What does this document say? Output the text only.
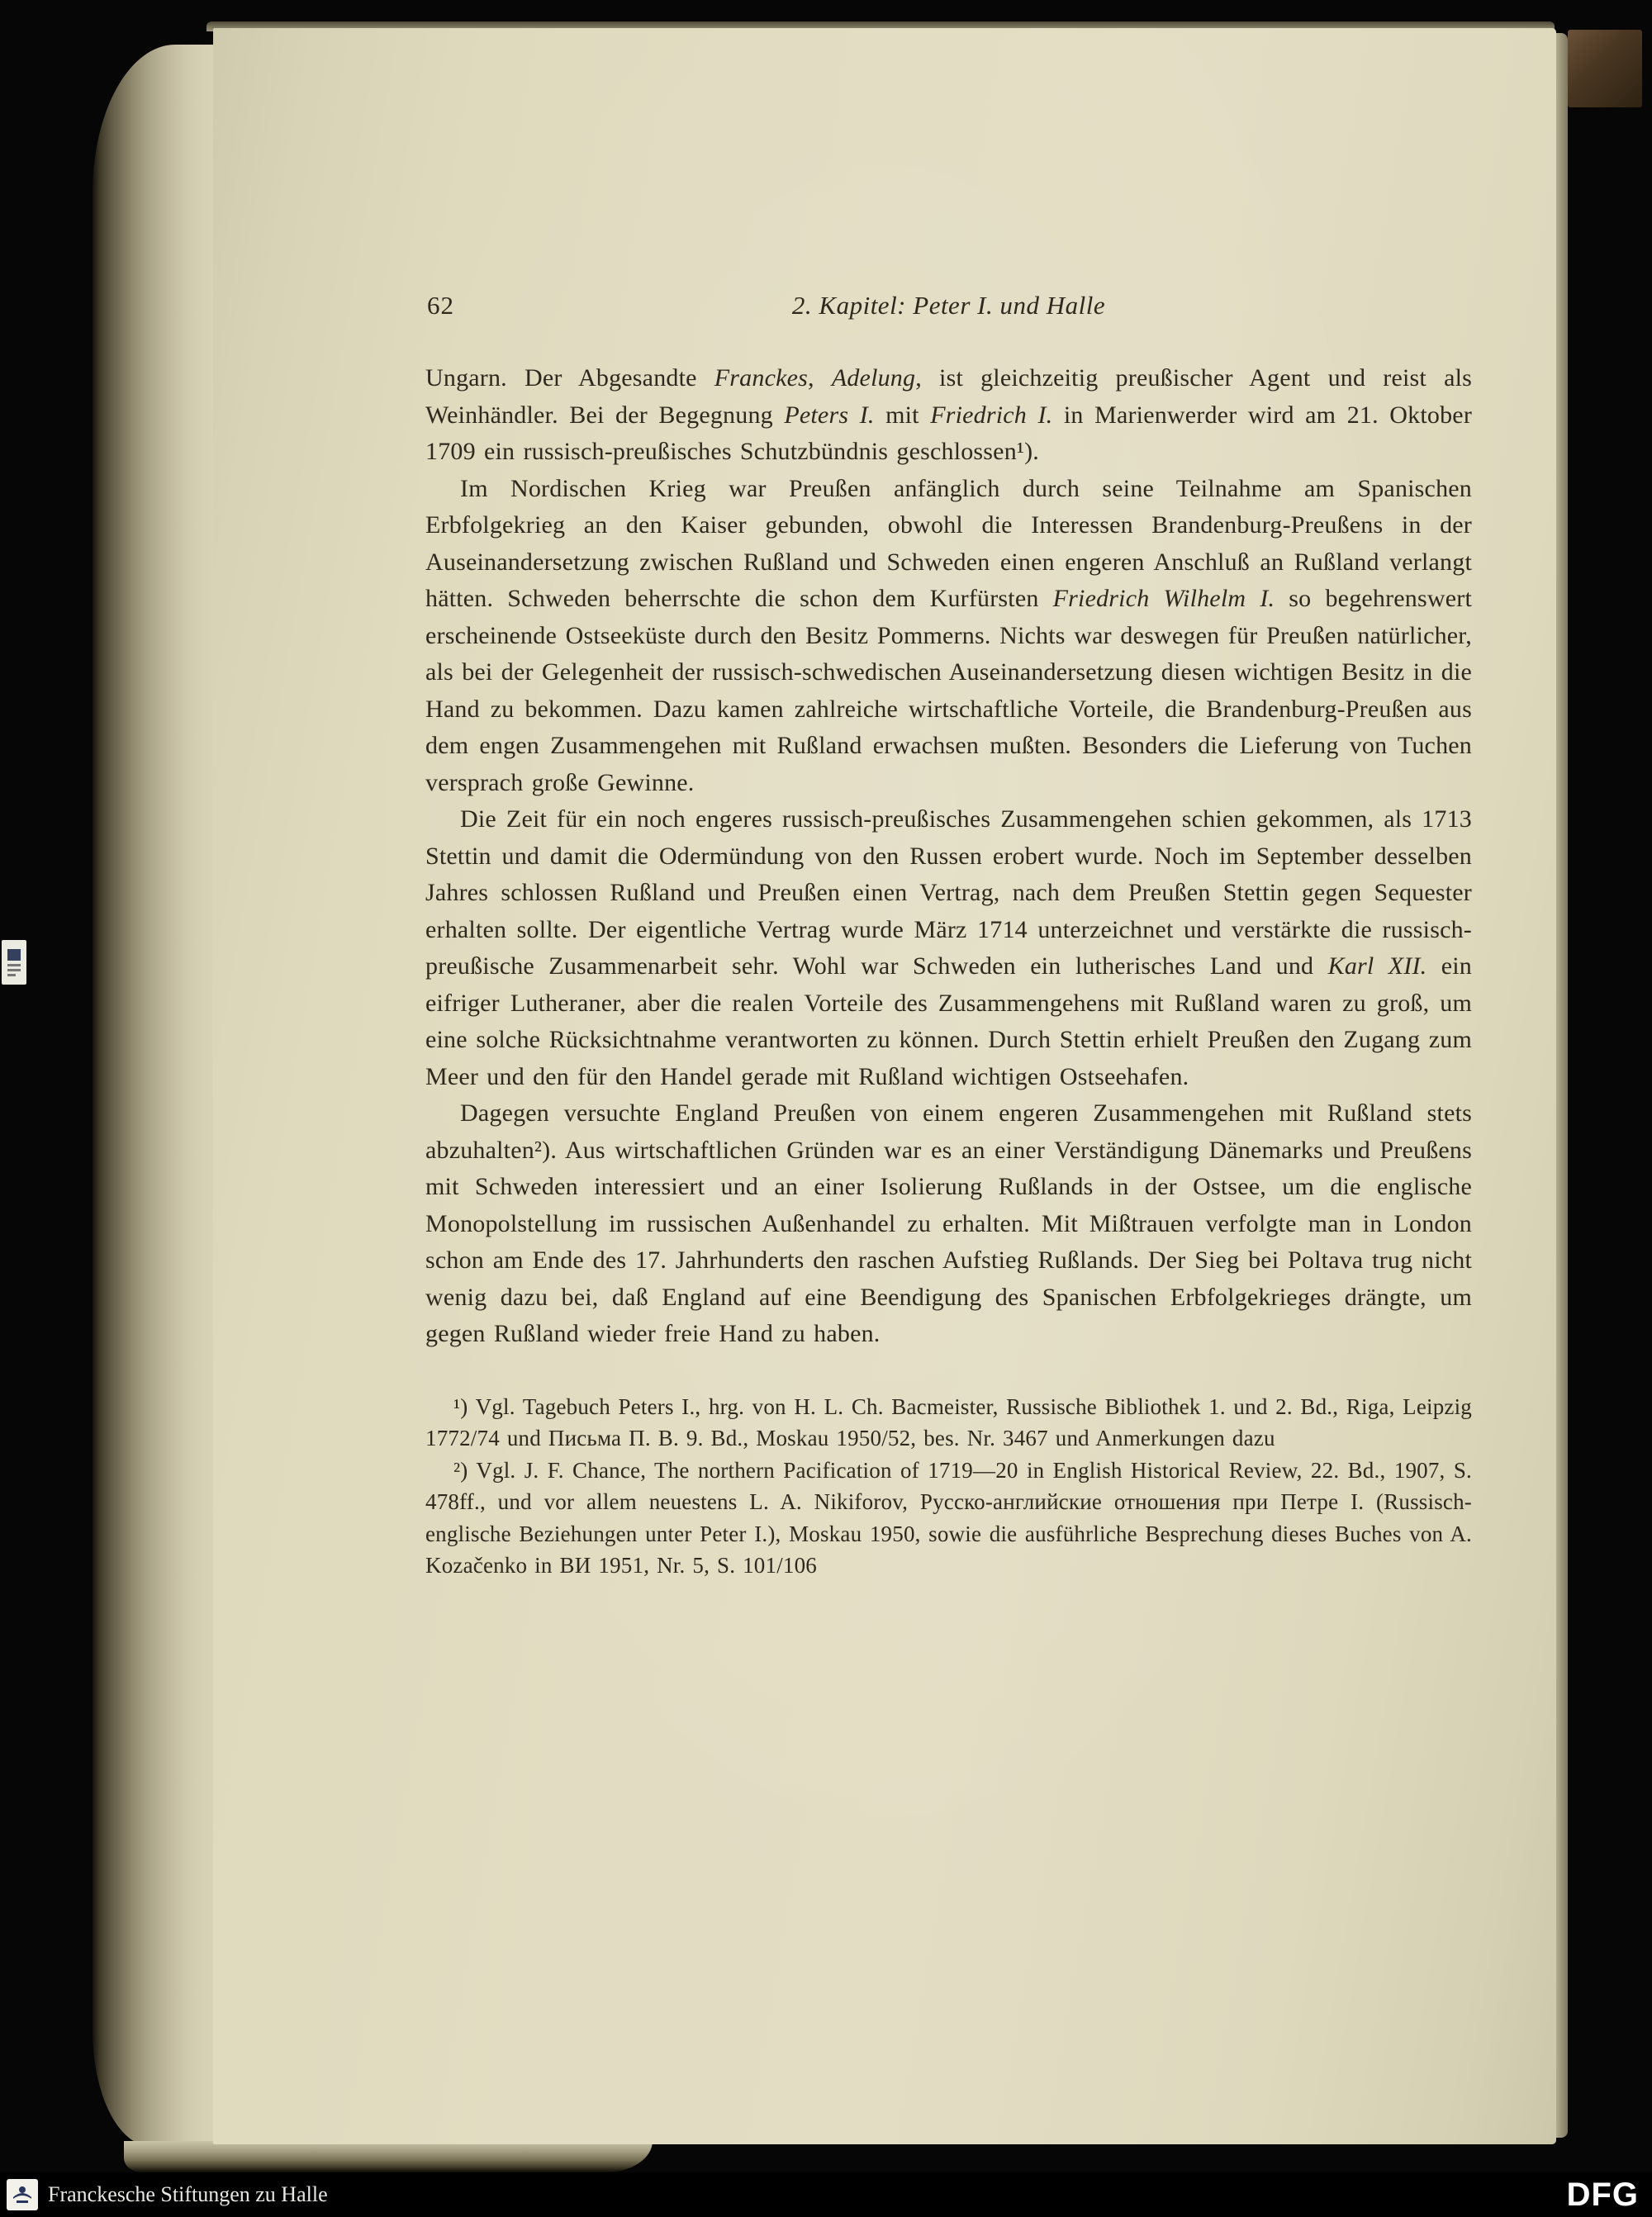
62	2. Kapitel: Peter I. und Halle

Ungarn. Der Abgesandte Franckes, Adelung, ist gleichzeitig preußischer Agent und reist als Weinhändler. Bei der Begegnung Peters I. mit Friedrich I. in Marienwerder wird am 21. Oktober 1709 ein russisch-preußisches Schutzbündnis geschlossen¹).

Im Nordischen Krieg war Preußen anfänglich durch seine Teilnahme am Spanischen Erbfolgekrieg an den Kaiser gebunden, obwohl die Interessen Brandenburg-Preußens in der Auseinandersetzung zwischen Rußland und Schweden einen engeren Anschluß an Rußland verlangt hätten. Schweden beherrschte die schon dem Kurfürsten Friedrich Wilhelm I. so begehrenswert erscheinende Ostseeküste durch den Besitz Pommerns. Nichts war deswegen für Preußen natürlicher, als bei der Gelegenheit der russisch-schwedischen Auseinandersetzung diesen wichtigen Besitz in die Hand zu bekommen. Dazu kamen zahlreiche wirtschaftliche Vorteile, die Brandenburg-Preußen aus dem engen Zusammengehen mit Rußland erwachsen mußten. Besonders die Lieferung von Tuchen versprach große Gewinne.

Die Zeit für ein noch engeres russisch-preußisches Zusammengehen schien gekommen, als 1713 Stettin und damit die Odermündung von den Russen erobert wurde. Noch im September desselben Jahres schlossen Rußland und Preußen einen Vertrag, nach dem Preußen Stettin gegen Sequester erhalten sollte. Der eigentliche Vertrag wurde März 1714 unterzeichnet und verstärkte die russisch-preußische Zusammenarbeit sehr. Wohl war Schweden ein lutherisches Land und Karl XII. ein eifriger Lutheraner, aber die realen Vorteile des Zusammengehens mit Rußland waren zu groß, um eine solche Rücksichtnahme verantworten zu können. Durch Stettin erhielt Preußen den Zugang zum Meer und den für den Handel gerade mit Rußland wichtigen Ostseehafen.

Dagegen versuchte England Preußen von einem engeren Zusammengehen mit Rußland stets abzuhalten²). Aus wirtschaftlichen Gründen war es an einer Verständigung Dänemarks und Preußens mit Schweden interessiert und an einer Isolierung Rußlands in der Ostsee, um die englische Monopolstellung im russischen Außenhandel zu erhalten. Mit Mißtrauen verfolgte man in London schon am Ende des 17. Jahrhunderts den raschen Aufstieg Rußlands. Der Sieg bei Poltava trug nicht wenig dazu bei, daß England auf eine Beendigung des Spanischen Erbfolgekrieges drängte, um gegen Rußland wieder freie Hand zu haben.

¹) Vgl. Tagebuch Peters I., hrg. von H. L. Ch. Bacmeister, Russische Bibliothek 1. und 2. Bd., Riga, Leipzig 1772/74 und Письма П. В. 9. Bd., Moskau 1950/52, bes. Nr. 3467 und Anmerkungen dazu

²) Vgl. J. F. Chance, The northern Pacification of 1719—20 in English Historical Review, 22. Bd., 1907, S. 478ff., und vor allem neuestens L. A. Nikiforov, Русско-английские отношения при Петре I. (Russisch-englische Beziehungen unter Peter I.), Moskau 1950, sowie die ausführliche Besprechung dieses Buches von A. Kozačenko in ВИ 1951, Nr. 5, S. 101/106

Franckesche Stiftungen zu Halle	DFG
